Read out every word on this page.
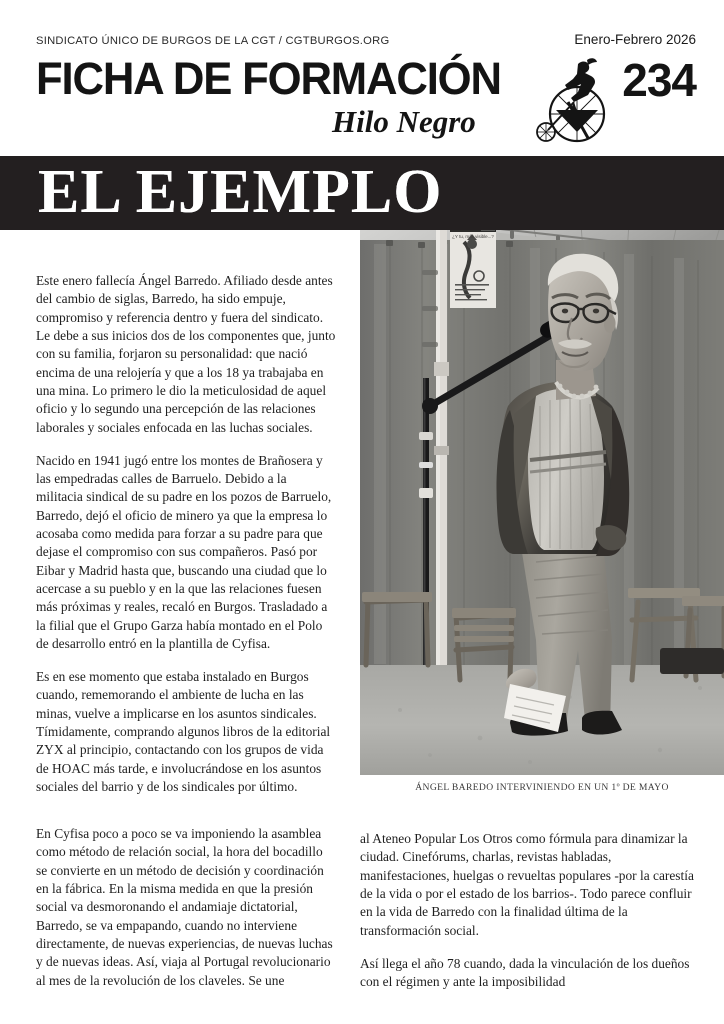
SINDICATO ÚNICO DE BURGOS DE LA CGT / CGTBURGOS.ORG	Enero-Febrero 2026
FICHA DE FORMACIÓN
Hilo Negro
234
EL EJEMPLO
¿Y tu, más visible...?
ÁNGEL BAREDO INTERVINIENDO EN UN 1º DE MAYO

Este enero fallecía Ángel Barredo. Afiliado desde antes del cambio de siglas, Barredo, ha sido empuje, compromiso y referencia dentro y fuera del sindicato. Le debe a sus inicios dos de los componentes que, junto con su familia, forjaron su personalidad: que nació encima de una relojería y que a los 18 ya trabajaba en una mina. Lo primero le dio la meticulosidad de aquel oficio y lo segundo una percepción de las relaciones laborales y sociales enfocada en las luchas sociales.

Nacido en 1941 jugó entre los montes de Brañosera y las empedradas calles de Barruelo. Debido a la militacia sindical de su padre en los pozos de Barruelo, Barredo, dejó el oficio de minero ya que la empresa lo acosaba como medida para forzar a su padre para que dejase el compromiso con sus compañeros. Pasó por Eibar y Madrid hasta que, buscando una ciudad que lo acercase a su pueblo y en la que las relaciones fuesen más próximas y reales, recaló en Burgos. Trasladado a la filial que el Grupo Garza había montado en el Polo de desarrollo entró en la plantilla de Cyfisa.

Es en ese momento que estaba instalado en Burgos cuando, rememorando el ambiente de lucha en las minas, vuelve a implicarse en los asuntos sindicales. Tímidamente, comprando algunos libros de la editorial ZYX al principio, contactando con los grupos de vida de HOAC más tarde, e involucrándose en los asuntos sociales del barrio y de los sindicales por último.

En Cyfisa poco a poco se va imponiendo la asamblea como método de relación social, la hora del bocadillo se convierte en un método de decisión y coordinación en la fábrica. En la misma medida en que la presión social va desmoronando el andamiaje dictatorial, Barredo, se va empapando, cuando no interviene directamente, de nuevas experiencias, de nuevas luchas y de nuevas ideas. Así, viaja al Portugal revolucionario al mes de la revolución de los claveles. Se une

al Ateneo Popular Los Otros como fórmula para dinamizar la ciudad. Cinefórums, charlas, revistas habladas, manifestaciones, huelgas o revueltas populares -por la carestía de la vida o por el estado de los barrios-. Todo parece confluir en la vida de Barredo con la finalidad última de la transformación social.

Así llega el año 78 cuando, dada la vinculación de los dueños con el régimen y ante la imposibilidad
